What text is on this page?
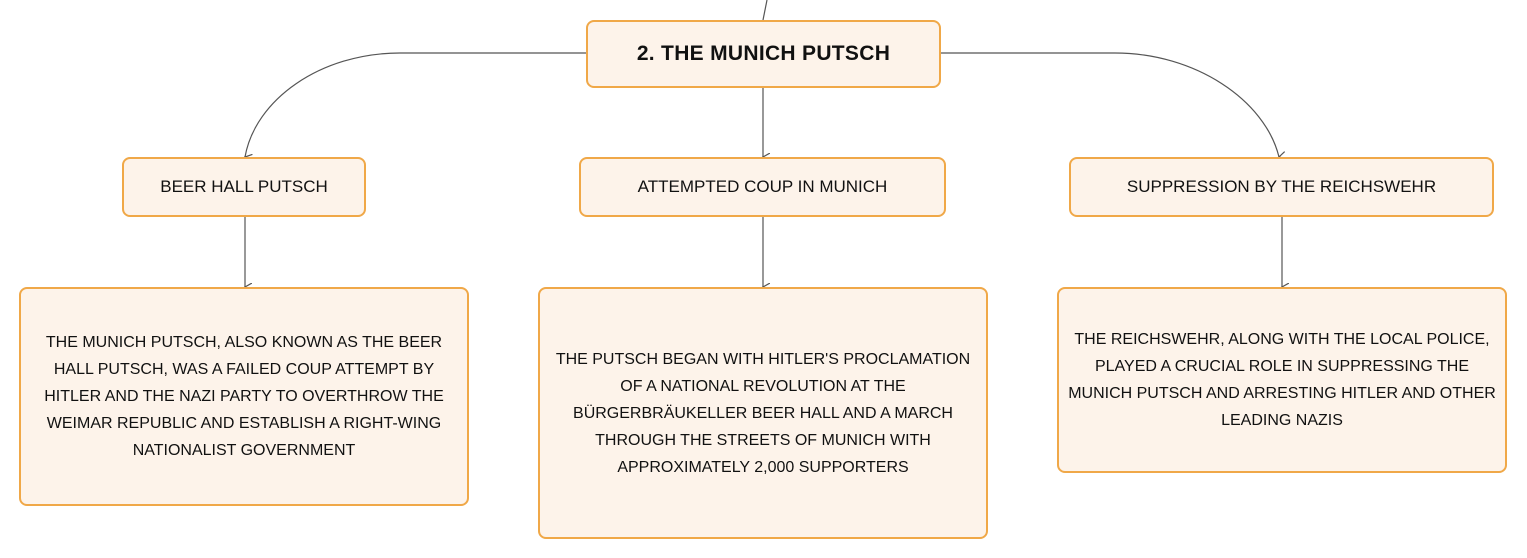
2. THE MUNICH PUTSCH
BEER HALL PUTSCH	ATTEMPTED COUP IN MUNICH	SUPPRESSION BY THE REICHSWEHR
THE MUNICH PUTSCH, ALSO KNOWN AS THE BEER HALL PUTSCH, WAS A FAILED COUP ATTEMPT BY HITLER AND THE NAZI PARTY TO OVERTHROW THE WEIMAR REPUBLIC AND ESTABLISH A RIGHT-WING NATIONALIST GOVERNMENT
THE PUTSCH BEGAN WITH HITLER'S PROCLAMATION OF A NATIONAL REVOLUTION AT THE BÜRGERBRÄUKELLER BEER HALL AND A MARCH THROUGH THE STREETS OF MUNICH WITH APPROXIMATELY 2,000 SUPPORTERS
THE REICHSWEHR, ALONG WITH THE LOCAL POLICE, PLAYED A CRUCIAL ROLE IN SUPPRESSING THE MUNICH PUTSCH AND ARRESTING HITLER AND OTHER LEADING NAZIS
